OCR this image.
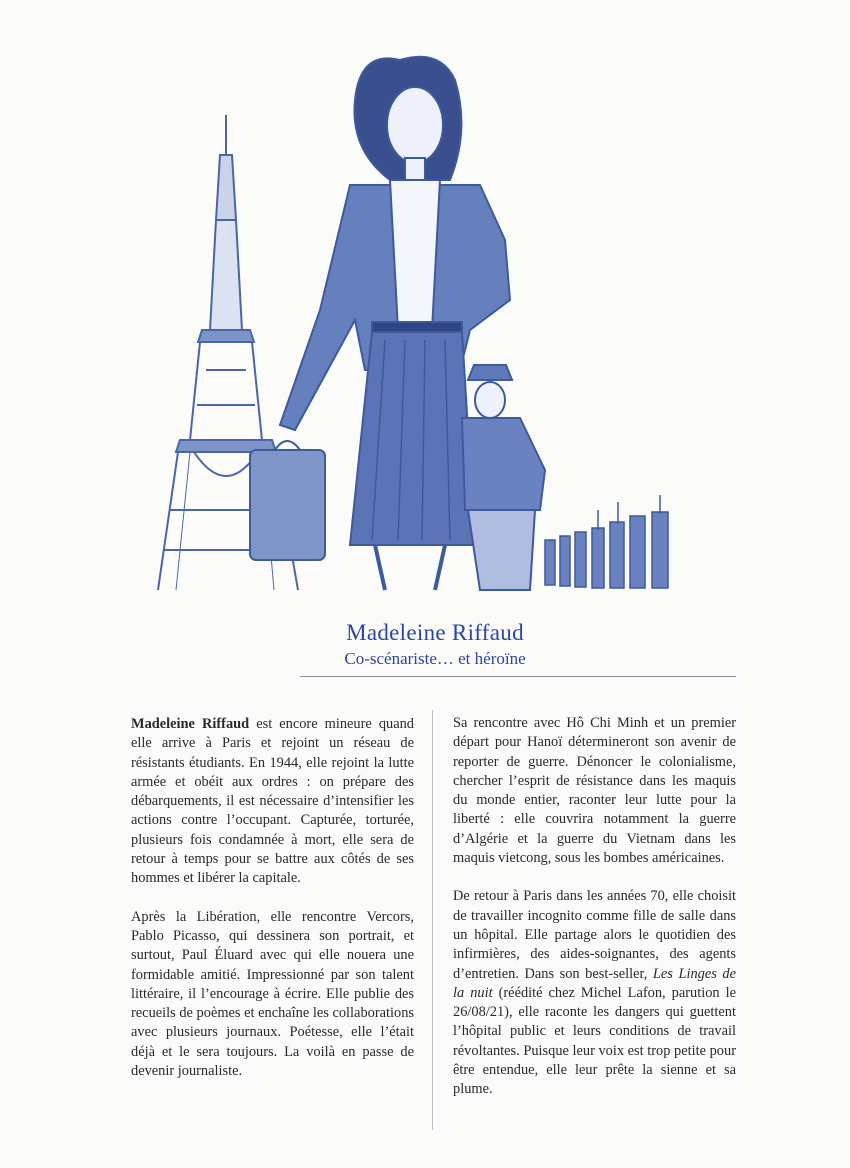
Madeleine Riffaud
Co-scénariste… et héroïne

Madeleine Riffaud est encore mineure quand elle arrive à Paris et rejoint un réseau de résistants étudiants. En 1944, elle rejoint la lutte armée et obéit aux ordres : on prépare des débarquements, il est nécessaire d’intensifier les actions contre l’occupant. Capturée, torturée, plusieurs fois condamnée à mort, elle sera de retour à temps pour se battre aux côtés de ses hommes et libérer la capitale.

Après la Libération, elle rencontre Vercors, Pablo Picasso, qui dessinera son portrait, et surtout, Paul Éluard avec qui elle nouera une formidable amitié. Impressionné par son talent littéraire, il l’encourage à écrire. Elle publie des recueils de poèmes et enchaîne les collaborations avec plusieurs journaux. Poétesse, elle l’était déjà et le sera toujours. La voilà en passe de devenir journaliste.

Sa rencontre avec Hô Chi Minh et un premier départ pour Hanoï détermineront son avenir de reporter de guerre. Dénoncer le colonialisme, chercher l’esprit de résistance dans les maquis du monde entier, raconter leur lutte pour la liberté : elle couvrira notamment la guerre d’Algérie et la guerre du Vietnam dans les maquis vietcong, sous les bombes américaines.

De retour à Paris dans les années 70, elle choisit de travailler incognito comme fille de salle dans un hôpital. Elle partage alors le quotidien des infirmières, des aides-soignantes, des agents d’entretien. Dans son best-seller, Les Linges de la nuit (réédité chez Michel Lafon, parution le 26/08/21), elle raconte les dangers qui guettent l’hôpital public et leurs conditions de travail révoltantes. Puisque leur voix est trop petite pour être entendue, elle leur prête la sienne et sa plume.
